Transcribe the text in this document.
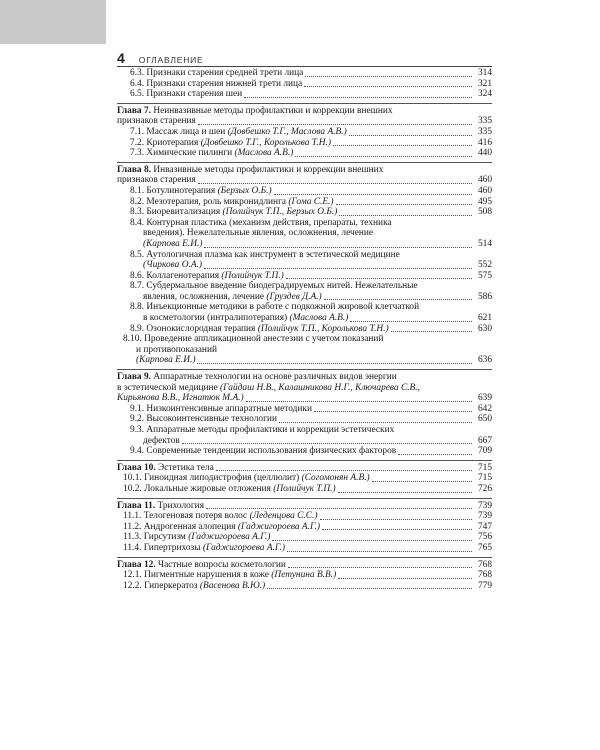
4 ОГЛАВЛЕНИЕ
6.3. Признаки старения средней трети лица	314
6.4. Признаки старения нижней трети лица	321
6.5. Признаки старения шеи	324
Глава 7. Неинвазивные методы профилактики и коррекции внешних
признаков старения	335
7.1. Массаж лица и шеи (Довбешко Т.Г., Маслова А.В.)	335
7.2. Криотерапия (Довбешко Т.Г., Королькова Т.Н.)	416
7.3. Химические пилинги (Маслова А.В.)	440
Глава 8. Инвазивные методы профилактики и коррекции внешних
признаков старения	460
8.1. Ботулинотерапия (Берзых О.Б.)	460
8.2. Мезотерапия, роль микронидлинга (Гома С.Е.)	495
8.3. Биоревитализация (Полийчук Т.П., Берзых О.Б.)	508
8.4. Контурная пластика (механизм действия, препараты, техника
введения). Нежелательные явления, осложнения, лечение
(Карпова Е.И.)	514
8.5. Аутологичная плазма как инструмент в эстетической медицине
(Чиркова О.А.)	552
8.6. Коллагенотерапия (Полийчук Т.П.)	575
8.7. Субдермальное введение биодеградируемых нитей. Нежелательные
явления, осложнения, лечение (Груздев Д.А.)	586
8.8. Инъекционные методики в работе с подкожной жировой клетчаткой
в косметологии (интралипотерапия) (Маслова А.В.)	621
8.9. Озонокислородная терапия (Полийчук Т.П., Королькова Т.Н.)	630
8.10. Проведение аппликационной анестезии с учетом показаний
и противопоказаний
(Карпова Е.И.)	636
Глава 9. Аппаратные технологии на основе различных видов энергии
в эстетической медицине (Гайдаш Н.В., Калашникова Н.Г., Ключарева С.В.,
Кирьянова В.В., Игнатюк М.А.)	639
9.1. Низкоинтенсивные аппаратные методики	642
9.2. Высокоинтенсивные технологии	650
9.3. Аппаратные методы профилактики и коррекции эстетических
дефектов	667
9.4. Современные тенденции использования физических факторов	709
Глава 10. Эстетика тела	715
10.1. Гиноидная липодистрофия (целлюлит) (Согомонян А.В.)	715
10.2. Локальные жировые отложения (Полийчук Т.П.)	726
Глава 11. Трихология	739
11.1. Телогеновая потеря волос (Леденцова С.С.)	739
11.2. Андрогенная алопеция (Гаджигороева А.Г.)	747
11.3. Гирсутизм (Гаджигороева А.Г.)	756
11.4. Гипертрихозы (Гаджигороева А.Г.)	765
Глава 12. Частные вопросы косметологии	768
12.1. Пигментные нарушения в коже (Петунина В.В.)	768
12.2. Гиперкератоз (Васенова В.Ю.)	779
